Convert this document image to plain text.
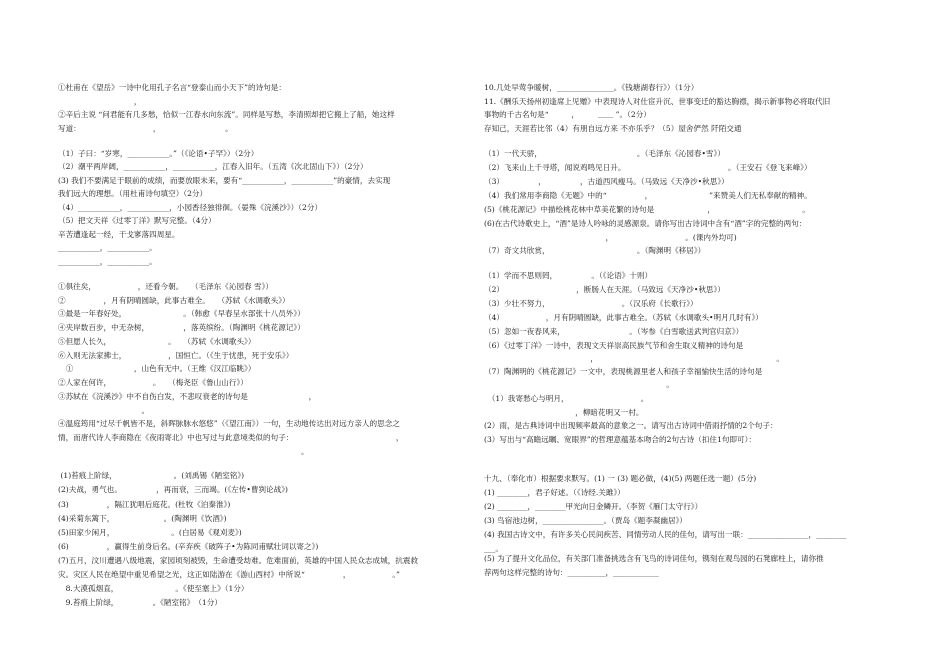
①杜甫在《望岳》一诗中化用孔子名言“登泰山而小天下”的诗句是：
　　　　　　　　　　，
②辛后主说 “问君能有几多愁，恰似一江春水向东流”。同样是写愁，李清照却把它搬上了船，她这样
写道：　　　　　　　　　　，　　　　　　　　　。
（1）子曰：“岁寒，___________。”（《论语•子罕》）（2分）
（2）潮平两岸阔，___________，___________，江春入旧年。（五湾《次北固山下》）（2分）
(3) 我们不要满足于眼前的成绩，而要放眼未来，要有“___________，___________”的豪情，去实现
我们远大的理想。（用杜甫诗句填空）（2分）
（4）___________，___________，小园香径独徘徊。（晏殊《浣溪沙》）（2分）
（5）把文天祥《过零丁洋》默写完整。（4分）
辛苦遭逢起一经，干戈寥落四周星。
___________，___________。
___________，___________。
①俱往矣，　　　　　　，还看今朝。　　（毛泽东《沁园春 雪》）
②　　　　　，月有阴晴圆缺，此事古难全。　　（苏轼《水调歌头》）
③最是一年春好处，　　　　　　　　。（韩愈《早春呈水部张十八员外》）
④夹岸数百步，中无杂树，　　　　　，落英缤纷。（陶渊明《桃花源记》）
⑤但愿人长久，　　　　　　　　。　　（苏轼《水调歌头》）
⑥入则无法家拂士，　　　　　　，国恒亡。（《生于忧患，死于安乐》）
　①　　　　　　　　，山色有无中。（王维《汉江临眺》）
②人家在何许，　　　　　　。　　（梅尧臣《鲁山山行》）
③苏轼在《浣溪沙》中不自伤白发，不悲叹衰老的诗句是　　　　　　　　，
　　　　　　　　　　　。
④温庭筠用“过尽千帆皆不是，斜晖脉脉水悠悠”（《望江南》）一句，生动地传达出对远方亲人的思念之
情，而唐代诗人李商隐在《夜雨寄北》中也写过与此意境类似的句子：　　　　　　　　　　　　　　，
　　　　　　　　　　　　　　　　　　　　　　　　　　　　　　　　。
(1)苔痕上阶绿，　　　　　　　　。(刘禹锡《陋室铭》)
(2)夫战，勇气也。　　　　　，再而衰，三而竭。(《左传•曹刿论战》)
(3)　　　　　，隔江犹唱后庭花。(杜牧《泊秦淮》)
(4)采菊东篱下，　　　　　　　。(陶渊明《饮酒》)
(5)田家少闲月，　　　　　　　　。(白居易《观刈麦》)
(6)　　　　　，赢得生前身后名。(辛弃疾《破阵子•为陈同甫赋壮词以寄之》)
(7)五月，汶川遭遇八级地震，家园顷刻被毁，生命遭受劫难。危难面前，英雄的中国人民众志成城，抗震救
灾。灾区人民在绝望中重见希望之光，这正如陆游在《游山西村》中所说“　　　　　，　　　　　　。”
　8.大漠孤烟直，　　　　　　　　。《使至塞上》（1分）
　9.苔痕上阶绿，　　　　　。《陋室铭》　（1分）
10.几处早莺争暖树，_______________。《钱塘湖春行》）（1分）
11.《酬乐天扬州初逢席上见赠》中表现诗人对仕宦升沉、世事变迁的豁达胸襟，揭示新事物必将取代旧
事物的千古名句是“　　　，　　　＿＿ ”。（2分）
存知己，天涯若比邻（4）有朋自远方来 不亦乐乎？（5）屋舍俨然 阡陌交通
（1）一代天骄，　　　　　　　　　　　　　。（毛泽东《沁园春•雪》）
（2）飞来山上千寻塔，闻说鸡鸣见日升。　　　　　　　　　　　　　　。（王安石《登飞来峰》）
（3）　　　　　，　　　　　，古道西风瘦马。（马致远《天净沙•秋思》）
（4）我们常用李商隐《无题》中的“　　　　　，　　　　　　　　”来赞美人们无私奉献的精神。
(5)《桃花源记》中描绘桃花林中草美花繁的诗句是　　　　　　　，　　　　　　　　　　　　。
(6)在古代诗歌史上，“酒”是诗人吟咏的灵感源泉。请你写出古诗词中含有“酒”字的完整的两句：
　　　　　　　　　　　　　　　　，　　　　　　　　　　。(课内外均可)
（7）奇文共欣赏，　　　　　　　　　　　　。（陶渊明《移居》）
（1）学而不思则罔，　　　　　。（《论语》十则）
（2）　　　　　　　　　　，断肠人在天涯。（马致远《天净沙•秋思》）
（3）少壮不努力，　　　　　　　　　　。（汉乐府《长歌行》）
（4）　　　　　　，月有阴晴圆缺，此事古难全。（苏轼《水调歌头•明月几时有》）
（5）忽如一夜春风来，　　　　　　　　　。（岑参《白雪歌送武判官归京》）
（6）《过零丁洋》一诗中，表现文天祥崇高民族气节和舍生取义精神的诗句是
　　　　　　　　　　　　　　，　　　　　　　　　　　　　　　　　　　　　　　　。
（7）陶渊明的《桃花源记》一文中，表现桃源里老人和孩子幸福愉快生活的诗句是
　　　　　　　　　　　　　　　　　　　　　　　　。
　（1）我寄愁心与明月，　　　　　　　　　　。
　　　　　　　　　　　　，柳暗花明又一村。
(2）雨，是古典诗词中出现频率最高的意象之一。请写出古诗词中借雨抒情的2个句子：
(3）写出与“高瞻远瞩、宽眼界”的哲理意蕴基本吻合的2句古诗（扣住1句即可）：
十九、（奉化市）根据要求默写。(1) 一 (3) 题必做，(4)(5) 两题任选一题）(5分)
(1) ________，君子好逑。（《诗经.关雎》）
(2) ________，________甲光向日金鳞开。（李贺《雁门太守行》）
(3) 鸟宿池边树，________________。（贾岛《题李凝幽居》）
(4) 我国古诗文中，有许多关心民间疾苦、同情劳动人民的佳句，请写出一联：________________，________
___。
(5) 为了提升文化品位，有关部门准备挑选含有飞鸟的诗词佳句，镌刻在观鸟园的石凳廊柱上，请你推
荐两句这样完整的诗句：__________，____________
